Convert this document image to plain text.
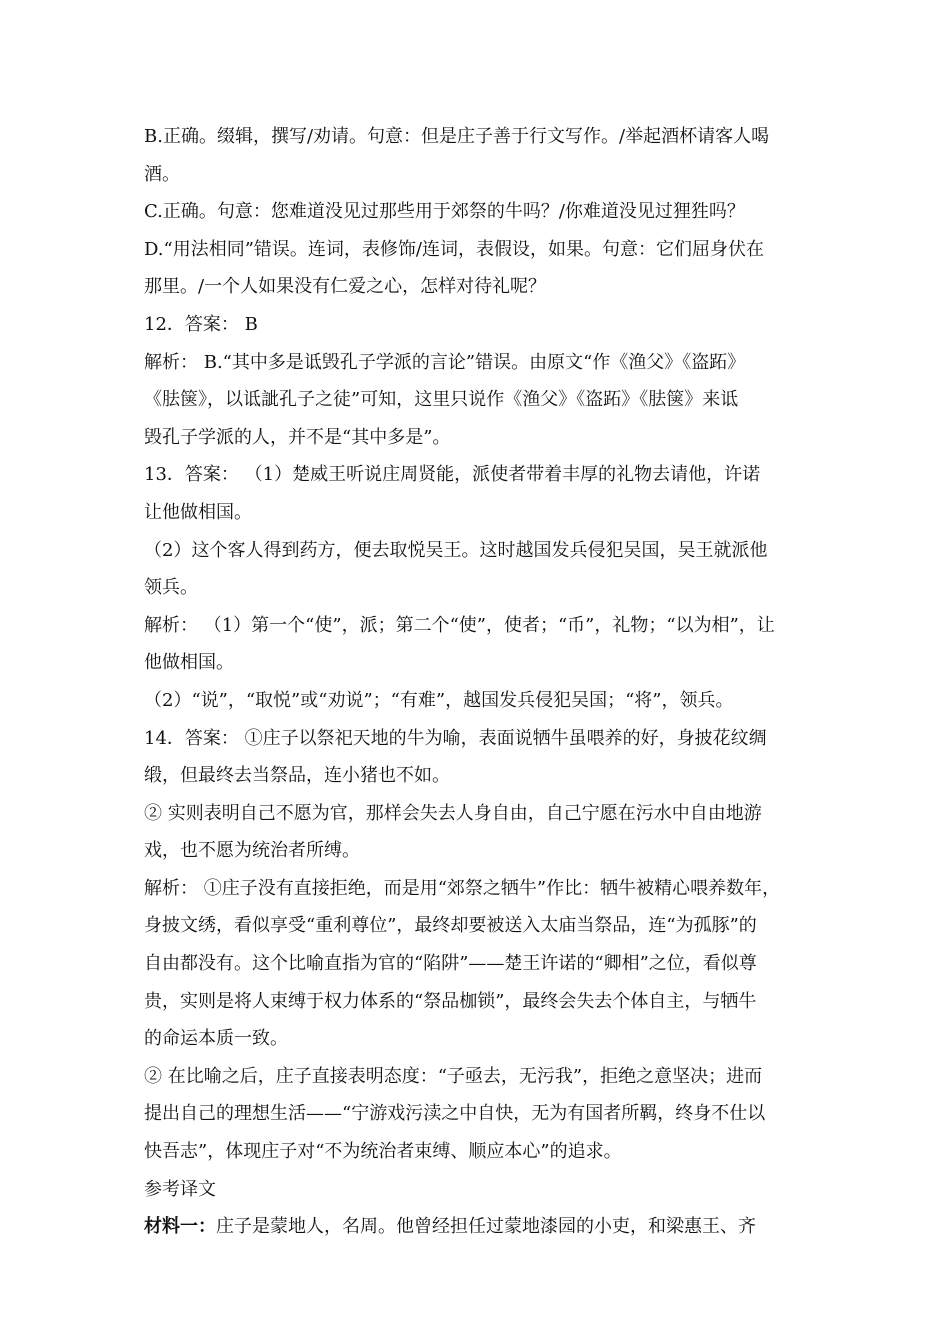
B.正确。缀辑，撰写/劝请。句意：但是庄子善于行文写作。/举起酒杯请客人喝
酒。
C.正确。句意：您难道没见过那些用于郊祭的牛吗？/你难道没见过狸狌吗？
D.“用法相同”错误。连词，表修饰/连词，表假设，如果。句意：它们屈身伏在
那里。/一个人如果没有仁爱之心，怎样对待礼呢？
12．答案： B
解析： B.“其中多是诋毁孔子学派的言论”错误。由原文“作《渔父》《盗跖》
《胠箧》，以诋訿孔子之徒”可知，这里只说作《渔父》《盗跖》《胠箧》来诋
毁孔子学派的人，并不是“其中多是”。
13．答案： （1）楚威王听说庄周贤能，派使者带着丰厚的礼物去请他，许诺
让他做相国。
（2）这个客人得到药方，便去取悦吴王。这时越国发兵侵犯吴国，吴王就派他
领兵。
解析： （1）第一个“使”，派；第二个“使”，使者；“币”，礼物；“以为相”，让
他做相国。
（2）“说”，“取悦”或“劝说”；“有难”，越国发兵侵犯吴国；“将”，领兵。
14．答案： ①庄子以祭祀天地的牛为喻，表面说牺牛虽喂养的好，身披花纹绸
缎，但最终去当祭品，连小猪也不如。
② 实则表明自己不愿为官，那样会失去人身自由，自己宁愿在污水中自由地游
戏，也不愿为统治者所缚。
解析： ①庄子没有直接拒绝，而是用“郊祭之牺牛”作比：牺牛被精心喂养数年，
身披文绣，看似享受“重利尊位”，最终却要被送入太庙当祭品，连“为孤豚”的
自由都没有。这个比喻直指为官的“陷阱”——楚王许诺的“卿相”之位，看似尊
贵，实则是将人束缚于权力体系的“祭品枷锁”，最终会失去个体自主，与牺牛
的命运本质一致。
② 在比喻之后，庄子直接表明态度：“子亟去，无污我”，拒绝之意坚决；进而
提出自己的理想生活——“宁游戏污渎之中自快，无为有国者所羁，终身不仕以
快吾志”，体现庄子对“不为统治者束缚、顺应本心”的追求。
参考译文
材料一：庄子是蒙地人，名周。他曾经担任过蒙地漆园的小吏，和梁惠王、齐
